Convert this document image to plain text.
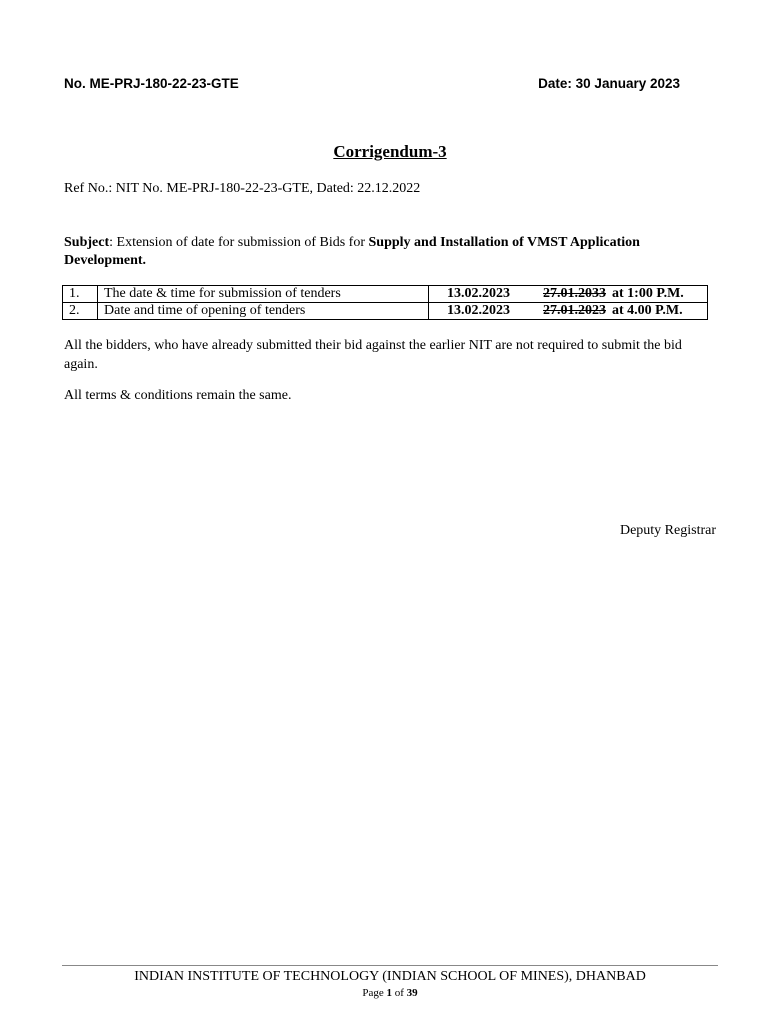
No. ME-PRJ-180-22-23-GTE	Date: 30 January 2023
Corrigendum-3
Ref No.: NIT No. ME-PRJ-180-22-23-GTE, Dated: 22.12.2022
Subject: Extension of date for submission of Bids for Supply and Installation of VMST Application Development.
1.	The date & time for submission of tenders	13.02.2023 27.01.2033 at 1:00 P.M.
2.	Date and time of opening of tenders	13.02.2023 27.01.2023 at 4.00 P.M.
All the bidders, who have already submitted their bid against the earlier NIT are not required to submit the bid again.
All terms & conditions remain the same.
Deputy Registrar
INDIAN INSTITUTE OF TECHNOLOGY (INDIAN SCHOOL OF MINES), DHANBAD
Page 1 of 39
